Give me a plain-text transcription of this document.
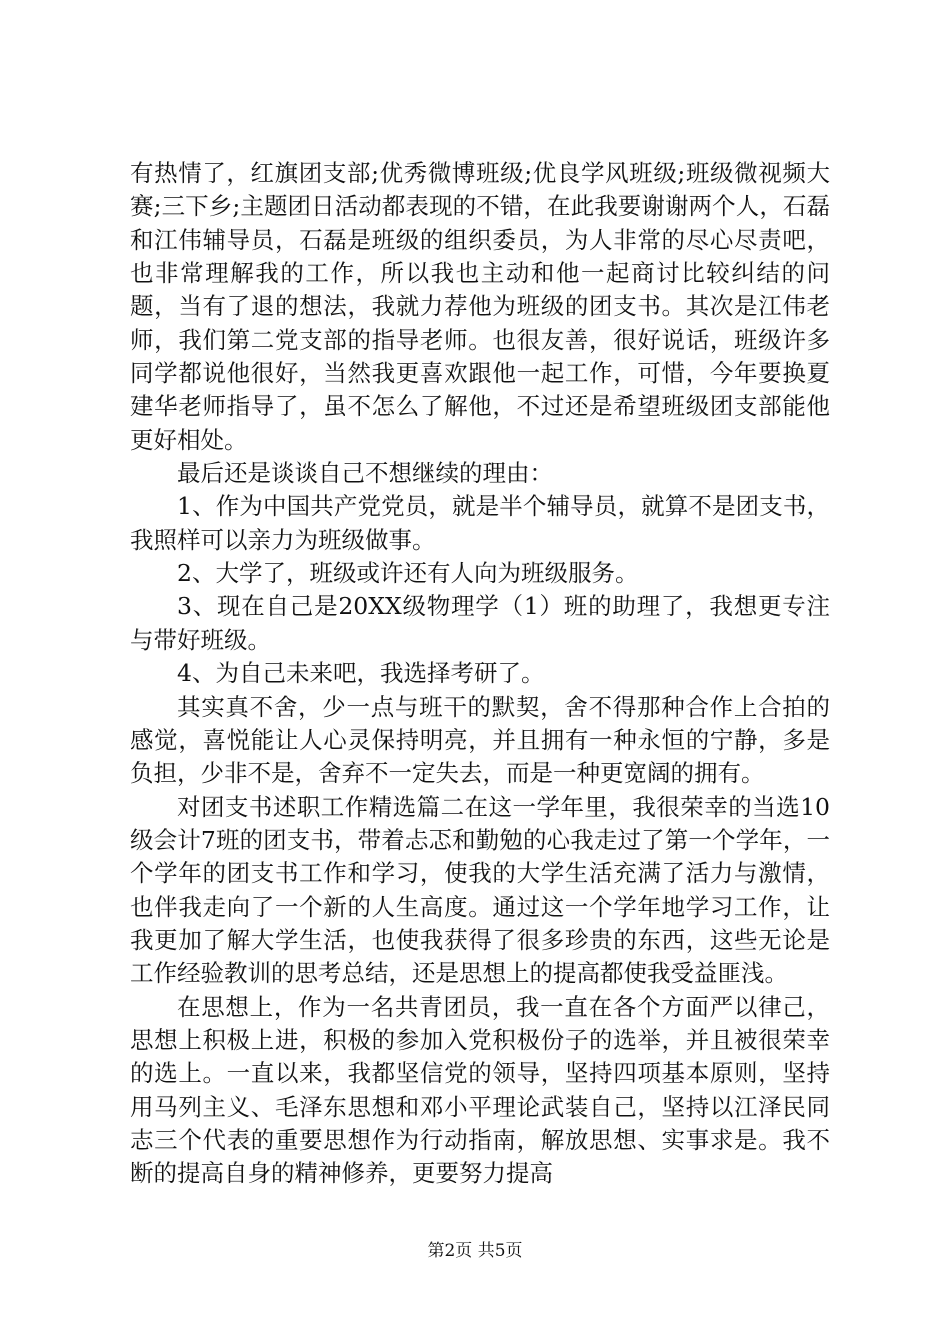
有热情了，红旗团支部;优秀微博班级;优良学风班级;班级微视频大赛;三下乡;主题团日活动都表现的不错，在此我要谢谢两个人，石磊和江伟辅导员，石磊是班级的组织委员，为人非常的尽心尽责吧，也非常理解我的工作，所以我也主动和他一起商讨比较纠结的问题，当有了退的想法，我就力荐他为班级的团支书。其次是江伟老师，我们第二党支部的指导老师。也很友善，很好说话，班级许多同学都说他很好，当然我更喜欢跟他一起工作，可惜，今年要换夏建华老师指导了，虽不怎么了解他，不过还是希望班级团支部能他更好相处。

最后还是谈谈自己不想继续的理由：

1、作为中国共产党党员，就是半个辅导员，就算不是团支书，我照样可以亲力为班级做事。

2、大学了，班级或许还有人向为班级服务。

3、现在自己是20XX级物理学（1）班的助理了，我想更专注与带好班级。

4、为自己未来吧，我选择考研了。

其实真不舍，少一点与班干的默契，舍不得那种合作上合拍的感觉，喜悦能让人心灵保持明亮，并且拥有一种永恒的宁静，多是负担，少非不是，舍弃不一定失去，而是一种更宽阔的拥有。

对团支书述职工作精选篇二在这一学年里，我很荣幸的当选10级会计7班的团支书，带着忐忑和勤勉的心我走过了第一个学年，一个学年的团支书工作和学习，使我的大学生活充满了活力与激情，也伴我走向了一个新的人生高度。通过这一个学年地学习工作，让我更加了解大学生活，也使我获得了很多珍贵的东西，这些无论是工作经验教训的思考总结，还是思想上的提高都使我受益匪浅。

在思想上，作为一名共青团员，我一直在各个方面严以律己，思想上积极上进，积极的参加入党积极份子的选举，并且被很荣幸的选上。一直以来，我都坚信党的领导，坚持四项基本原则，坚持用马列主义、毛泽东思想和邓小平理论武装自己，坚持以江泽民同志三个代表的重要思想作为行动指南，解放思想、实事求是。我不断的提高自身的精神修养，更要努力提高

第2页 共5页
